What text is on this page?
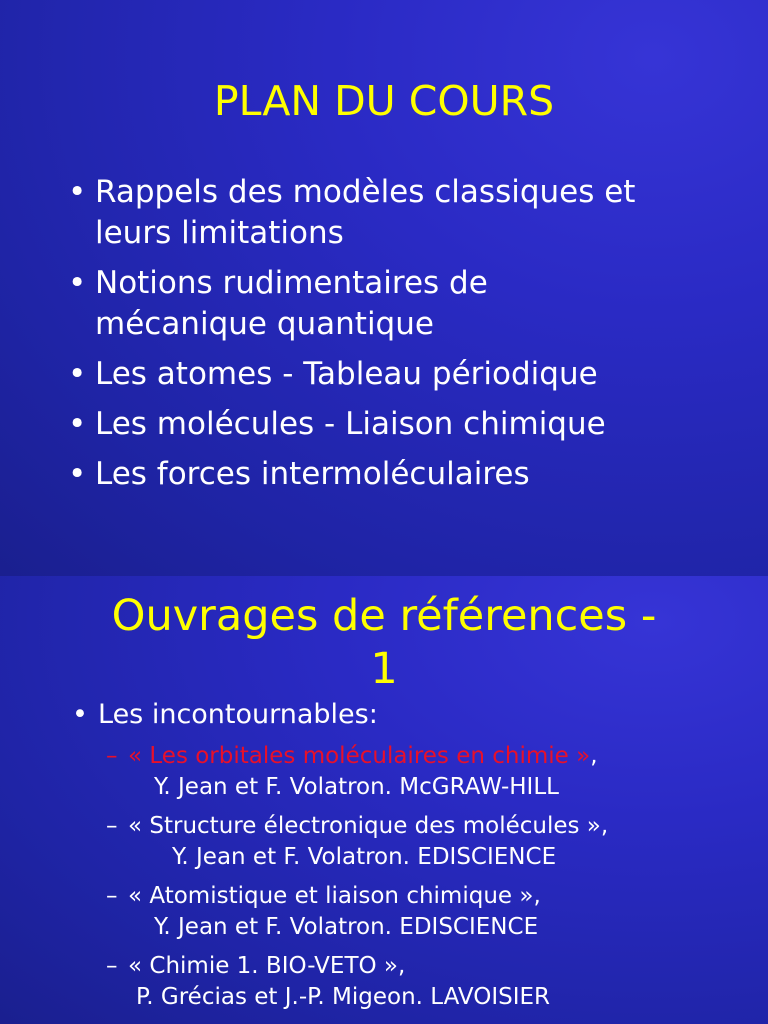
PLAN DU COURS
• Rappels des modèles classiques et
leurs limitations
• Notions rudimentaires de
mécanique quantique
• Les atomes - Tableau périodique
• Les molécules - Liaison chimique
• Les forces intermoléculaires
Ouvrages de références -
1
• Les incontournables:
– « Les orbitales moléculaires en chimie »,
Y. Jean et F. Volatron. McGRAW-HILL
– « Structure électronique des molécules »,
Y. Jean et F. Volatron. EDISCIENCE
– « Atomistique et liaison chimique »,
Y. Jean et F. Volatron. EDISCIENCE
– « Chimie 1. BIO-VETO »,
P. Grécias et J.-P. Migeon. LAVOISIER
